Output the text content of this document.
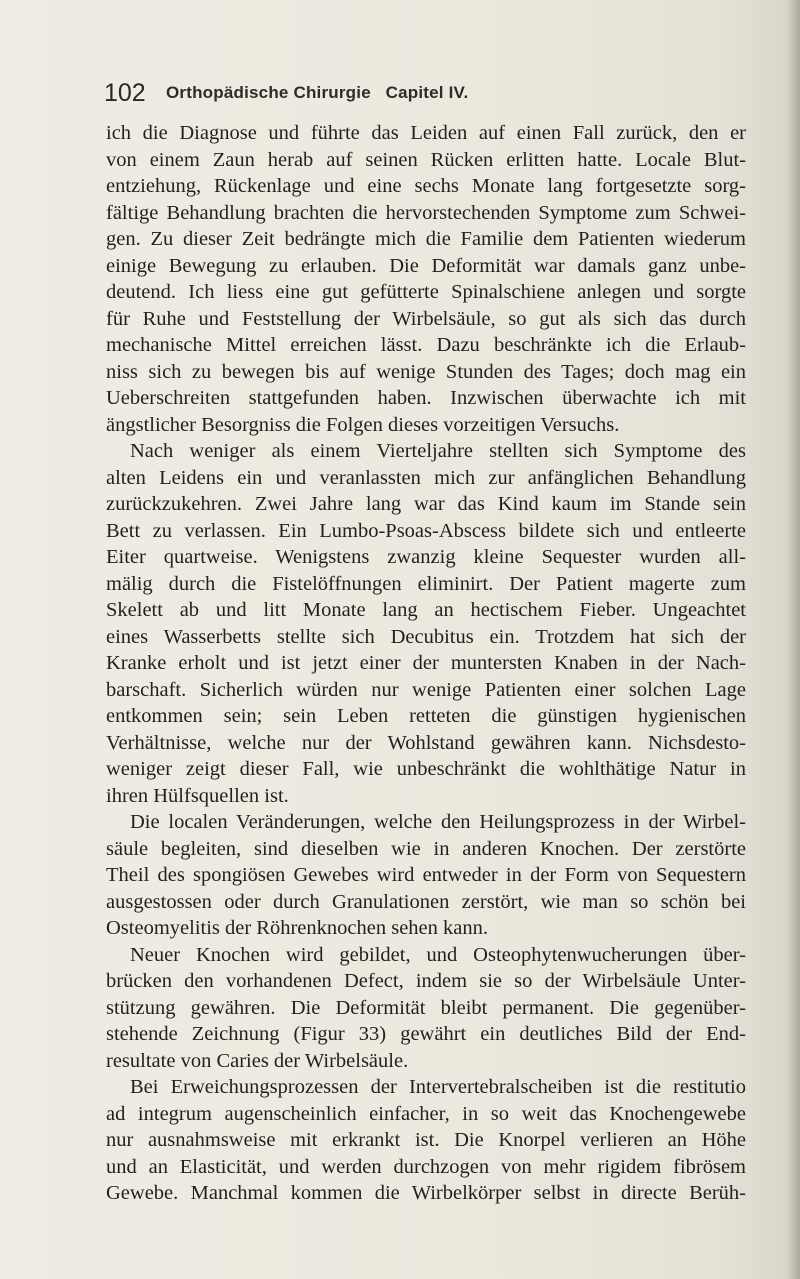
102 Orthopädische Chirurgie   Capitel IV.
ich die Diagnose und führte das Leiden auf einen Fall zurück, den er
von einem Zaun herab auf seinen Rücken erlitten hatte. Locale Blut-
entziehung, Rückenlage und eine sechs Monate lang fortgesetzte sorg-
fältige Behandlung brachten die hervorstechenden Symptome zum Schwei-
gen. Zu dieser Zeit bedrängte mich die Familie dem Patienten wiederum
einige Bewegung zu erlauben. Die Deformität war damals ganz unbe-
deutend. Ich liess eine gut gefütterte Spinalschiene anlegen und sorgte
für Ruhe und Feststellung der Wirbelsäule, so gut als sich das durch
mechanische Mittel erreichen lässt. Dazu beschränkte ich die Erlaub-
niss sich zu bewegen bis auf wenige Stunden des Tages; doch mag ein
Ueberschreiten stattgefunden haben. Inzwischen überwachte ich mit
ängstlicher Besorgniss die Folgen dieses vorzeitigen Versuchs.
Nach weniger als einem Vierteljahre stellten sich Symptome des
alten Leidens ein und veranlassten mich zur anfänglichen Behandlung
zurückzukehren. Zwei Jahre lang war das Kind kaum im Stande sein
Bett zu verlassen. Ein Lumbo-Psoas-Abscess bildete sich und entleerte
Eiter quartweise. Wenigstens zwanzig kleine Sequester wurden all-
mälig durch die Fistelöffnungen eliminirt. Der Patient magerte zum
Skelett ab und litt Monate lang an hectischem Fieber. Ungeachtet
eines Wasserbetts stellte sich Decubitus ein. Trotzdem hat sich der
Kranke erholt und ist jetzt einer der muntersten Knaben in der Nach-
barschaft. Sicherlich würden nur wenige Patienten einer solchen Lage
entkommen sein; sein Leben retteten die günstigen hygienischen
Verhältnisse, welche nur der Wohlstand gewähren kann. Nichsdesto-
weniger zeigt dieser Fall, wie unbeschränkt die wohlthätige Natur in
ihren Hülfsquellen ist.
Die localen Veränderungen, welche den Heilungsprozess in der Wirbel-
säule begleiten, sind dieselben wie in anderen Knochen. Der zerstörte
Theil des spongiösen Gewebes wird entweder in der Form von Sequestern
ausgestossen oder durch Granulationen zerstört, wie man so schön bei
Osteomyelitis der Röhrenknochen sehen kann.
Neuer Knochen wird gebildet, und Osteophytenwucherungen über-
brücken den vorhandenen Defect, indem sie so der Wirbelsäule Unter-
stützung gewähren. Die Deformität bleibt permanent. Die gegenüber-
stehende Zeichnung (Figur 33) gewährt ein deutliches Bild der End-
resultate von Caries der Wirbelsäule.
Bei Erweichungsprozessen der Intervertebralscheiben ist die restitutio
ad integrum augenscheinlich einfacher, in so weit das Knochengewebe
nur ausnahmsweise mit erkrankt ist. Die Knorpel verlieren an Höhe
und an Elasticität, und werden durchzogen von mehr rigidem fibrösem
Gewebe. Manchmal kommen die Wirbelkörper selbst in directe Berüh-
